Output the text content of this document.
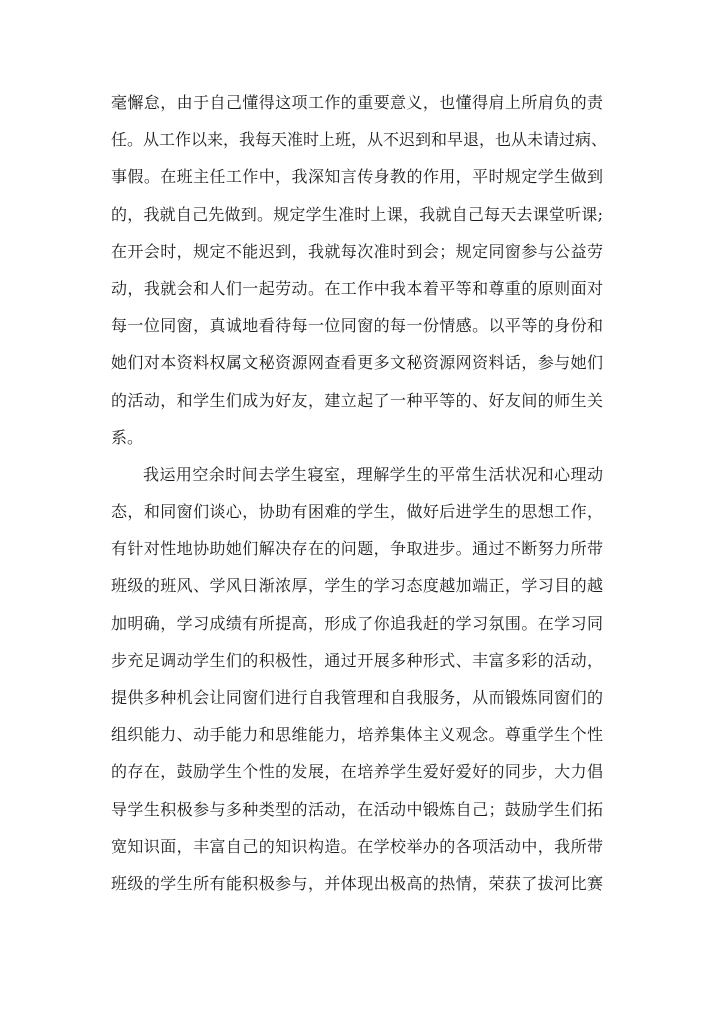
毫懈怠，由于自己懂得这项工作的重要意义，也懂得肩上所肩负的责
任。从工作以来，我每天准时上班，从不迟到和早退，也从未请过病、
事假。在班主任工作中，我深知言传身教的作用，平时规定学生做到
的，我就自己先做到。规定学生准时上课，我就自己每天去课堂听课;
在开会时，规定不能迟到，我就每次准时到会；规定同窗参与公益劳
动，我就会和人们一起劳动。在工作中我本着平等和尊重的原则面对
每一位同窗，真诚地看待每一位同窗的每一份情感。以平等的身份和
她们对本资料权属文秘资源网查看更多文秘资源网资料话，参与她们
的活动，和学生们成为好友，建立起了一种平等的、好友间的师生关
系。
我运用空余时间去学生寝室，理解学生的平常生活状况和心理动
态，和同窗们谈心，协助有困难的学生，做好后进学生的思想工作，
有针对性地协助她们解决存在的问题，争取进步。通过不断努力所带
班级的班风、学风日渐浓厚，学生的学习态度越加端正，学习目的越
加明确，学习成绩有所提高，形成了你追我赶的学习氛围。在学习同
步充足调动学生们的积极性，通过开展多种形式、丰富多彩的活动，
提供多种机会让同窗们进行自我管理和自我服务，从而锻炼同窗们的
组织能力、动手能力和思维能力，培养集体主义观念。尊重学生个性
的存在，鼓励学生个性的发展，在培养学生爱好爱好的同步，大力倡
导学生积极参与多种类型的活动，在活动中锻炼自己；鼓励学生们拓
宽知识面，丰富自己的知识构造。在学校举办的各项活动中，我所带
班级的学生所有能积极参与，并体现出极高的热情，荣获了拔河比赛
